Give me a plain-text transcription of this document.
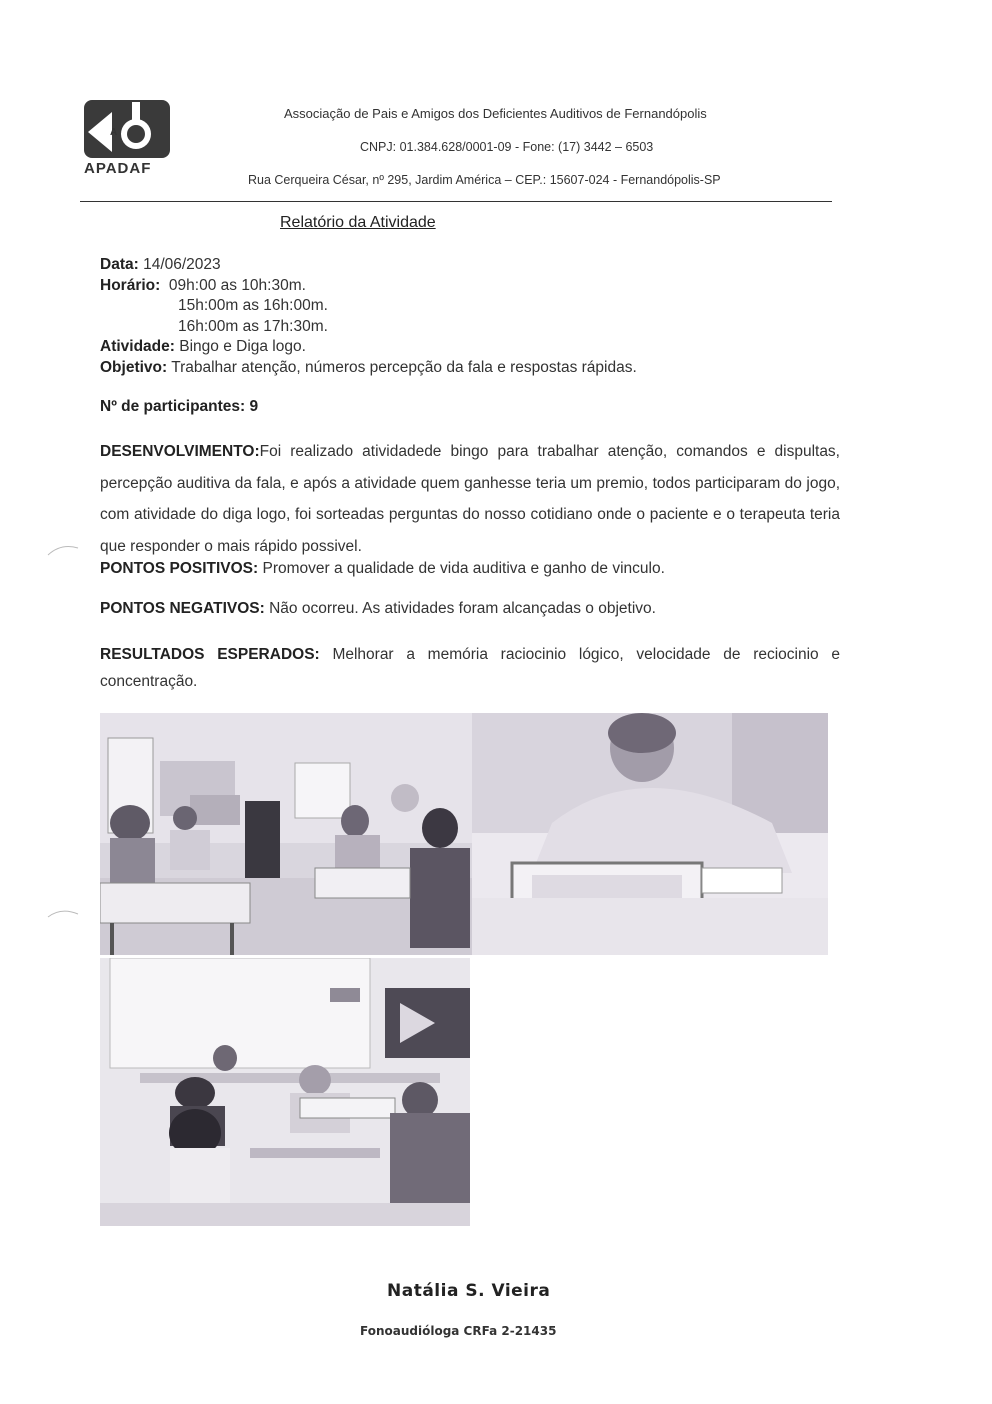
A
APADAF
Associação de Pais e Amigos dos Deficientes Auditivos de Fernandópolis
CNPJ: 01.384.628/0001-09 - Fone: (17) 3442 – 6503
Rua Cerqueira César, nº 295, Jardim América – CEP.: 15607-024 - Fernandópolis-SP
Relatório da Atividade
Data: 14/06/2023
Horário: 09h:00 as 10h:30m.
15h:00m as 16h:00m.
16h:00m as 17h:30m.
Atividade: Bingo e Diga logo.
Objetivo: Trabalhar atenção, números percepção da fala e respostas rápidas.
Nº de participantes: 9
DESENVOLVIMENTO:Foi realizado atividadede bingo para trabalhar atenção, comandos e dispultas, percepção auditiva da fala, e após a atividade quem ganhesse teria um premio, todos participaram do jogo, com atividade do diga logo, foi sorteadas perguntas do nosso cotidiano onde o paciente e o terapeuta teria que responder o mais rápido possivel.
PONTOS POSITIVOS: Promover a qualidade de vida auditiva e ganho de vinculo.
PONTOS NEGATIVOS: Não ocorreu. As atividades foram alcançadas o objetivo.
RESULTADOS ESPERADOS: Melhorar a memória raciocinio lógico, velocidade de reciocinio e concentração.
Natália S. Vieira
Fonoaudióloga CRFa 2-21435
